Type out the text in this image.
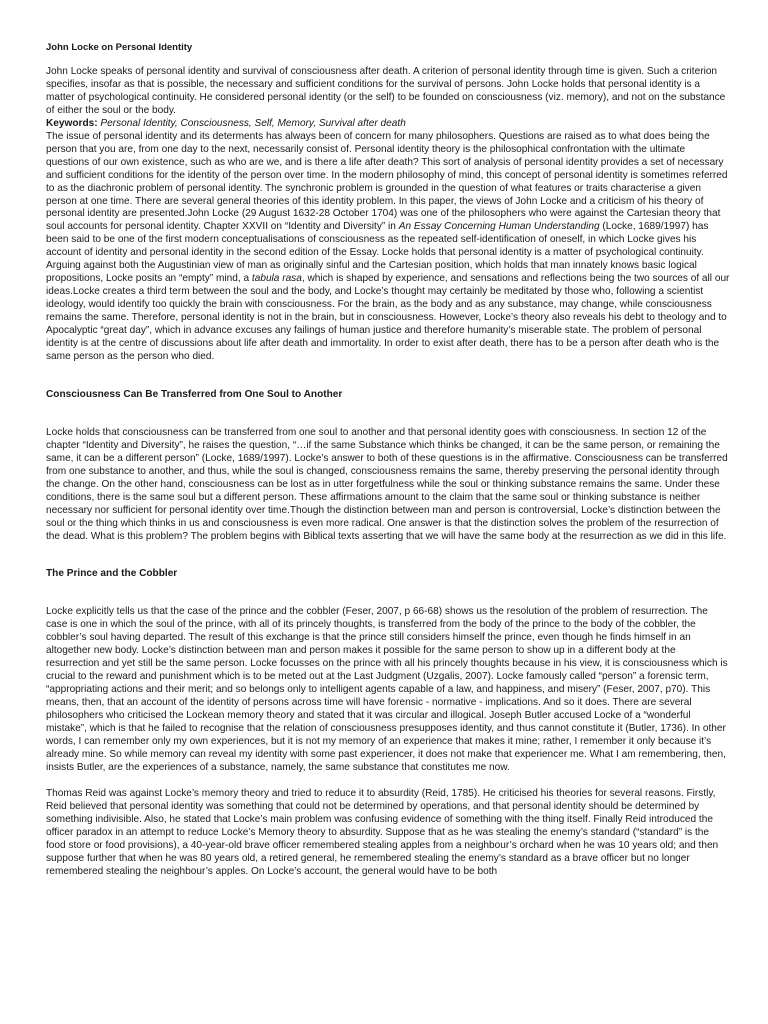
John Locke on Personal Identity

John Locke speaks of personal identity and survival of consciousness after death. A criterion of personal identity through time is given. Such a criterion specifies, insofar as that is possible, the necessary and sufficient conditions for the survival of persons. John Locke holds that personal identity is a matter of psychological continuity. He considered personal identity (or the self) to be founded on consciousness (viz. memory), and not on the substance of either the soul or the body.

Keywords: Personal Identity, Consciousness, Self, Memory, Survival after death

The issue of personal identity and its determents has always been of concern for many philosophers. Questions are raised as to what does being the person that you are, from one day to the next, necessarily consist of. Personal identity theory is the philosophical confrontation with the ultimate questions of our own existence, such as who are we, and is there a life after death? This sort of analysis of personal identity provides a set of necessary and sufficient conditions for the identity of the person over time. In the modern philosophy of mind, this concept of personal identity is sometimes referred to as the diachronic problem of personal identity. The synchronic problem is grounded in the question of what features or traits characterise a given person at one time. There are several general theories of this identity problem. In this paper, the views of John Locke and a criticism of his theory of personal identity are presented.John Locke (29 August 1632-28 October 1704) was one of the philosophers who were against the Cartesian theory that soul accounts for personal identity. Chapter XXVII on “Identity and Diversity” in An Essay Concerning Human Understanding (Locke, 1689/1997) has been said to be one of the first modern conceptualisations of consciousness as the repeated self-identification of oneself, in which Locke gives his account of identity and personal identity in the second edition of the Essay. Locke holds that personal identity is a matter of psychological continuity. Arguing against both the Augustinian view of man as originally sinful and the Cartesian position, which holds that man innately knows basic logical propositions, Locke posits an “empty” mind, a tabula rasa, which is shaped by experience, and sensations and reflections being the two sources of all our ideas.Locke creates a third term between the soul and the body, and Locke’s thought may certainly be meditated by those who, following a scientist ideology, would identify too quickly the brain with consciousness. For the brain, as the body and as any substance, may change, while consciousness remains the same. Therefore, personal identity is not in the brain, but in consciousness. However, Locke’s theory also reveals his debt to theology and to Apocalyptic “great day”, which in advance excuses any failings of human justice and therefore humanity’s miserable state. The problem of personal identity is at the centre of discussions about life after death and immortality. In order to exist after death, there has to be a person after death who is the same person as the person who died.

Consciousness Can Be Transferred from One Soul to Another

Locke holds that consciousness can be transferred from one soul to another and that personal identity goes with consciousness. In section 12 of the chapter “Identity and Diversity”, he raises the question, “…if the same Substance which thinks be changed, it can be the same person, or remaining the same, it can be a different person” (Locke, 1689/1997). Locke’s answer to both of these questions is in the affirmative. Consciousness can be transferred from one substance to another, and thus, while the soul is changed, consciousness remains the same, thereby preserving the personal identity through the change. On the other hand, consciousness can be lost as in utter forgetfulness while the soul or thinking substance remains the same. Under these conditions, there is the same soul but a different person. These affirmations amount to the claim that the same soul or thinking substance is neither necessary nor sufficient for personal identity over time.Though the distinction between man and person is controversial, Locke’s distinction between the soul or the thing which thinks in us and consciousness is even more radical. One answer is that the distinction solves the problem of the resurrection of the dead. What is this problem? The problem begins with Biblical texts asserting that we will have the same body at the resurrection as we did in this life.

The Prince and the Cobbler

Locke explicitly tells us that the case of the prince and the cobbler (Feser, 2007, p 66-68) shows us the resolution of the problem of resurrection. The case is one in which the soul of the prince, with all of its princely thoughts, is transferred from the body of the prince to the body of the cobbler, the cobbler’s soul having departed. The result of this exchange is that the prince still considers himself the prince, even though he finds himself in an altogether new body. Locke’s distinction between man and person makes it possible for the same person to show up in a different body at the resurrection and yet still be the same person. Locke focusses on the prince with all his princely thoughts because in his view, it is consciousness which is crucial to the reward and punishment which is to be meted out at the Last Judgment (Uzgalis, 2007). Locke famously called “person” a forensic term, “appropriating actions and their merit; and so belongs only to intelligent agents capable of a law, and happiness, and misery” (Feser, 2007, p70). This means, then, that an account of the identity of persons across time will have forensic - normative - implications. And so it does. There are several philosophers who criticised the Lockean memory theory and stated that it was circular and illogical. Joseph Butler accused Locke of a “wonderful mistake”, which is that he failed to recognise that the relation of consciousness presupposes identity, and thus cannot constitute it (Butler, 1736). In other words, I can remember only my own experiences, but it is not my memory of an experience that makes it mine; rather, I remember it only because it’s already mine. So while memory can reveal my identity with some past experiencer, it does not make that experiencer me. What I am remembering, then, insists Butler, are the experiences of a substance, namely, the same substance that constitutes me now.

Thomas Reid was against Locke’s memory theory and tried to reduce it to absurdity (Reid, 1785). He criticised his theories for several reasons. Firstly, Reid believed that personal identity was something that could not be determined by operations, and that personal identity should be determined by something indivisible. Also, he stated that Locke’s main problem was confusing evidence of something with the thing itself. Finally Reid introduced the officer paradox in an attempt to reduce Locke’s Memory theory to absurdity. Suppose that as he was stealing the enemy’s standard (“standard” is the food store or food provisions), a 40-year-old brave officer remembered stealing apples from a neighbour’s orchard when he was 10 years old; and then suppose further that when he was 80 years old, a retired general, he remembered stealing the enemy’s standard as a brave officer but no longer remembered stealing the neighbour’s apples. On Locke’s account, the general would have to be both
